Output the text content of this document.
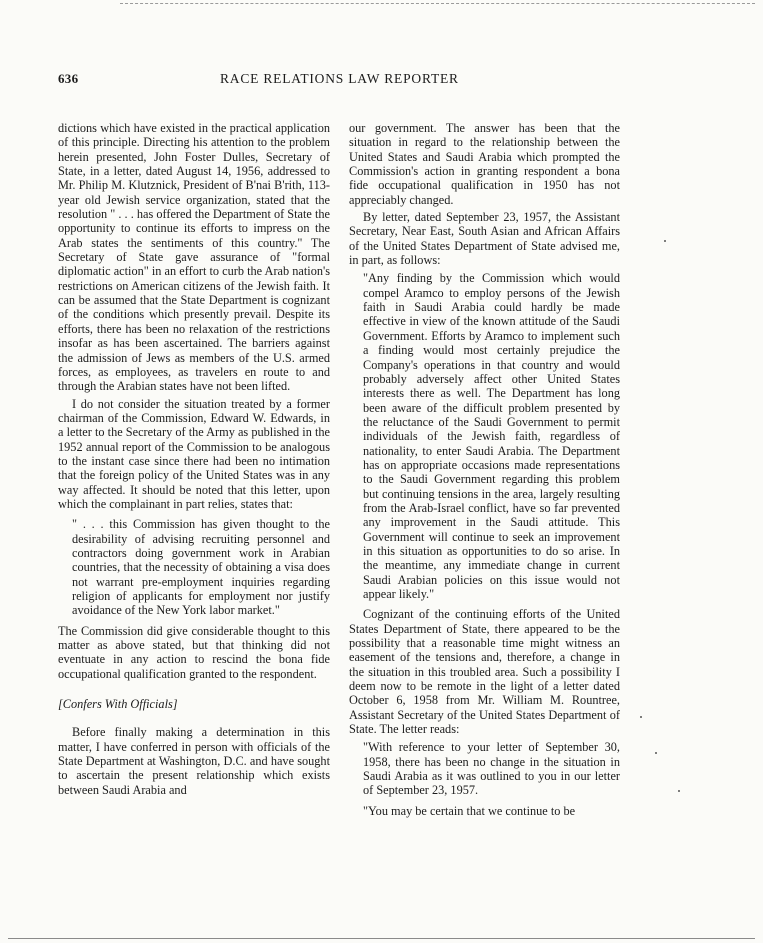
636	RACE RELATIONS LAW REPORTER

dictions which have existed in the practical application of this principle. Directing his attention to the problem herein presented, John Foster Dulles, Secretary of State, in a letter, dated August 14, 1956, addressed to Mr. Philip M. Klutznick, President of B'nai B'rith, 113-year old Jewish service organization, stated that the resolution " . . . has offered the Department of State the opportunity to continue its efforts to impress on the Arab states the sentiments of this country." The Secretary of State gave assurance of "formal diplomatic action" in an effort to curb the Arab nation's restrictions on American citizens of the Jewish faith. It can be assumed that the State Department is cognizant of the conditions which presently prevail. Despite its efforts, there has been no relaxation of the restrictions insofar as has been ascertained. The barriers against the admission of Jews as members of the U.S. armed forces, as employees, as travelers en route to and through the Arabian states have not been lifted.

I do not consider the situation treated by a former chairman of the Commission, Edward W. Edwards, in a letter to the Secretary of the Army as published in the 1952 annual report of the Commission to be analogous to the instant case since there had been no intimation that the foreign policy of the United States was in any way affected. It should be noted that this letter, upon which the complainant in part relies, states that:

" . . . this Commission has given thought to the desirability of advising recruiting personnel and contractors doing government work in Arabian countries, that the necessity of obtaining a visa does not warrant pre-employment inquiries regarding religion of applicants for employment nor justify avoidance of the New York labor market."

The Commission did give considerable thought to this matter as above stated, but that thinking did not eventuate in any action to rescind the bona fide occupational qualification granted to the respondent.

[Confers With Officials]

Before finally making a determination in this matter, I have conferred in person with officials of the State Department at Washington, D.C. and have sought to ascertain the present relationship which exists between Saudi Arabia and

our government. The answer has been that the situation in regard to the relationship between the United States and Saudi Arabia which prompted the Commission's action in granting respondent a bona fide occupational qualification in 1950 has not appreciably changed.

By letter, dated September 23, 1957, the Assistant Secretary, Near East, South Asian and African Affairs of the United States Department of State advised me, in part, as follows:

"Any finding by the Commission which would compel Aramco to employ persons of the Jewish faith in Saudi Arabia could hardly be made effective in view of the known attitude of the Saudi Government. Efforts by Aramco to implement such a finding would most certainly prejudice the Company's operations in that country and would probably adversely affect other United States interests there as well. The Department has long been aware of the difficult problem presented by the reluctance of the Saudi Government to permit individuals of the Jewish faith, regardless of nationality, to enter Saudi Arabia. The Department has on appropriate occasions made representations to the Saudi Government regarding this problem but continuing tensions in the area, largely resulting from the Arab-Israel conflict, have so far prevented any improvement in the Saudi attitude. This Government will continue to seek an improvement in this situation as opportunities to do so arise. In the meantime, any immediate change in current Saudi Arabian policies on this issue would not appear likely."

Cognizant of the continuing efforts of the United States Department of State, there appeared to be the possibility that a reasonable time might witness an easement of the tensions and, therefore, a change in the situation in this troubled area. Such a possibility I deem now to be remote in the light of a letter dated October 6, 1958 from Mr. William M. Rountree, Assistant Secretary of the United States Department of State. The letter reads:

"With reference to your letter of September 30, 1958, there has been no change in the situation in Saudi Arabia as it was outlined to you in our letter of September 23, 1957.

"You may be certain that we continue to be
